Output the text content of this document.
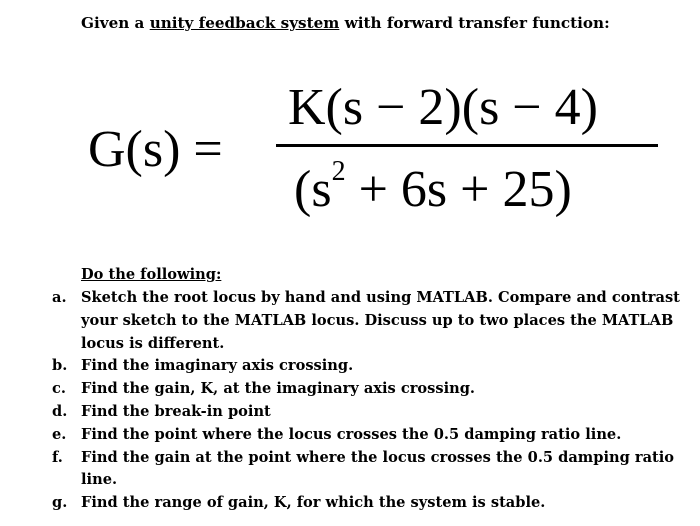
Given a unity feedback system with forward transfer function:
G(s) =
K(s − 2)(s − 4)
$(s^2 + 6s + 25)$
Do the following:
a. Sketch the root locus by hand and using MATLAB. Compare and contrast your sketch to the MATLAB locus. Discuss up to two places the MATLAB locus is different.
b. Find the imaginary axis crossing.
c.	Find the gain, K, at the imaginary axis crossing.
d. Find the break-in point
e.	Find the point where the locus crosses the 0.5 damping ratio line.
f.	Find the gain at the point where the locus crosses the 0.5 damping ratio line.
g. Find the range of gain, K, for which the system is stable.
